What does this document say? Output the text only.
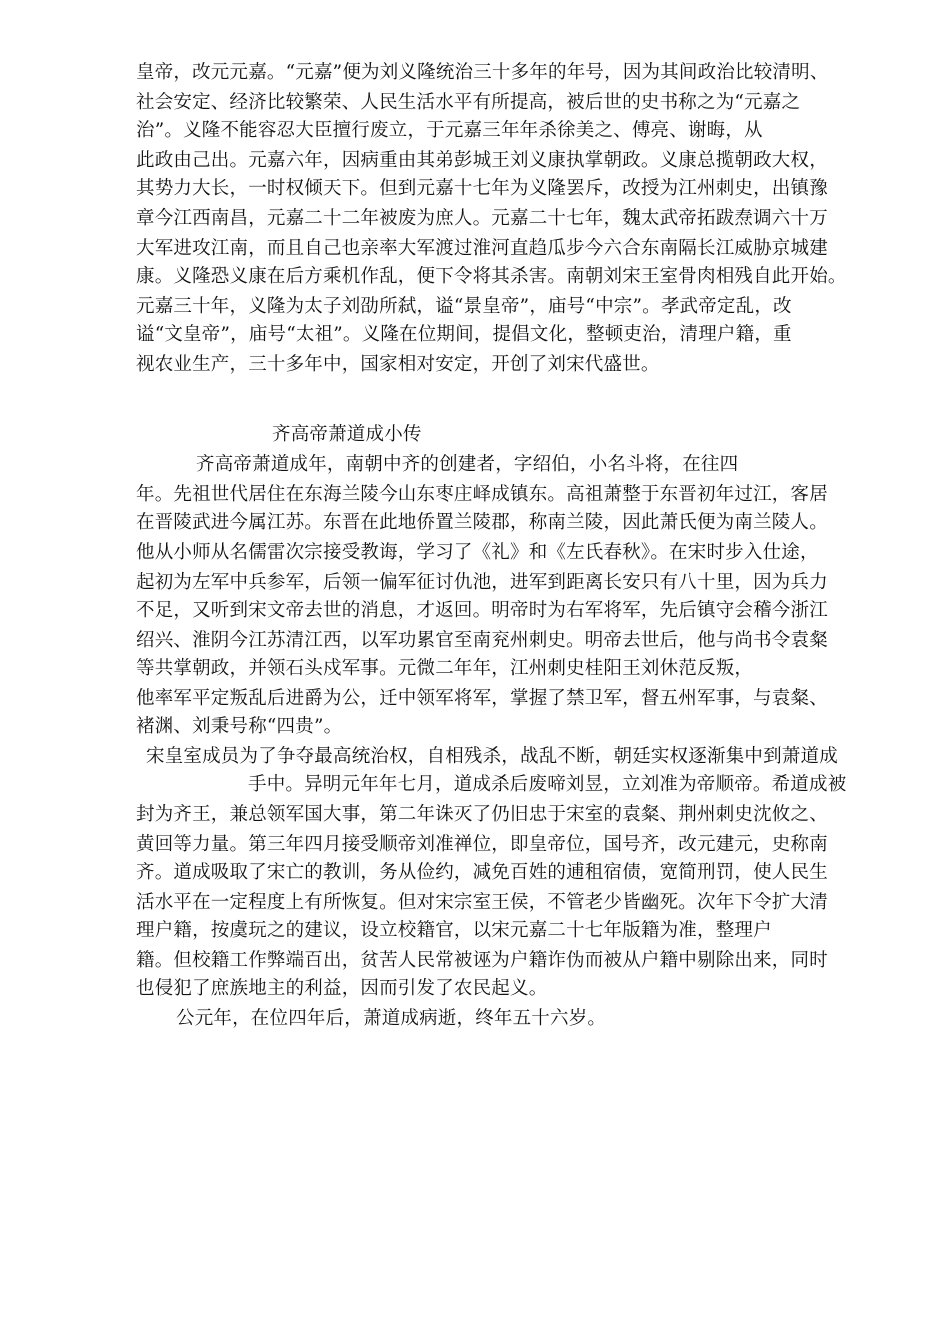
皇帝，改元元嘉。“元嘉”便为刘义隆统治三十多年的年号，因为其间政治比较清明、
社会安定、经济比较繁荣、人民生活水平有所提高，被后世的史书称之为“元嘉之
治”。义隆不能容忍大臣擅行废立，于元嘉三年年杀徐美之、傅亮、谢晦，从
此政由己出。元嘉六年，因病重由其弟彭城王刘义康执掌朝政。义康总揽朝政大权，
其势力大长，一时权倾天下。但到元嘉十七年为义隆罢斥，改授为江州刺史，出镇豫
章今江西南昌，元嘉二十二年被废为庶人。元嘉二十七年，魏太武帝拓跋焘调六十万
大军进攻江南，而且自己也亲率大军渡过淮河直趋瓜步今六合东南隔长江威胁京城建
康。义隆恐义康在后方乘机作乱，便下令将其杀害。南朝刘宋王室骨肉相残自此开始。
元嘉三十年，义隆为太子刘劭所弑，谥“景皇帝”，庙号“中宗”。孝武帝定乱，改
谥“文皇帝”，庙号“太祖”。义隆在位期间，提倡文化，整顿吏治，清理户籍，重
视农业生产，三十多年中，国家相对安定，开创了刘宋代盛世。
齐高帝萧道成小传
齐高帝萧道成年，南朝中齐的创建者，字绍伯，小名斗将，在往四
年。先祖世代居住在东海兰陵今山东枣庄峄成镇东。高祖萧整于东晋初年过江，客居
在晋陵武进今属江苏。东晋在此地侨置兰陵郡，称南兰陵，因此萧氏便为南兰陵人。
他从小师从名儒雷次宗接受教诲，学习了《礼》和《左氏春秋》。在宋时步入仕途，
起初为左军中兵参军，后领一偏军征讨仇池，进军到距离长安只有八十里，因为兵力
不足，又听到宋文帝去世的消息，才返回。明帝时为右军将军，先后镇守会稽今浙江
绍兴、淮阴今江苏清江西，以军功累官至南兖州刺史。明帝去世后，他与尚书令袁粲
等共掌朝政，并领石头戍军事。元微二年年，江州刺史桂阳王刘休范反叛，
他率军平定叛乱后进爵为公，迁中领军将军，掌握了禁卫军，督五州军事，与袁粲、
褚渊、刘秉号称“四贵”。
宋皇室成员为了争夺最高统治权，自相残杀，战乱不断，朝廷实权逐渐集中到萧道成
手中。异明元年年七月，道成杀后废啼刘昱，立刘准为帝顺帝。希道成被
封为齐王，兼总领军国大事，第二年诛灭了仍旧忠于宋室的袁粲、荆州刺史沈攸之、
黄回等力量。第三年四月接受顺帝刘准禅位，即皇帝位，国号齐，改元建元，史称南
齐。道成吸取了宋亡的教训，务从俭约，减免百姓的逋租宿债，宽简刑罚，使人民生
活水平在一定程度上有所恢复。但对宋宗室王侯，不管老少皆幽死。次年下令扩大清
理户籍，按虞玩之的建议，设立校籍官，以宋元嘉二十七年版籍为准，整理户
籍。但校籍工作弊端百出，贫苦人民常被诬为户籍诈伪而被从户籍中剔除出来，同时
也侵犯了庶族地主的利益，因而引发了农民起义。
公元年，在位四年后，萧道成病逝，终年五十六岁。
